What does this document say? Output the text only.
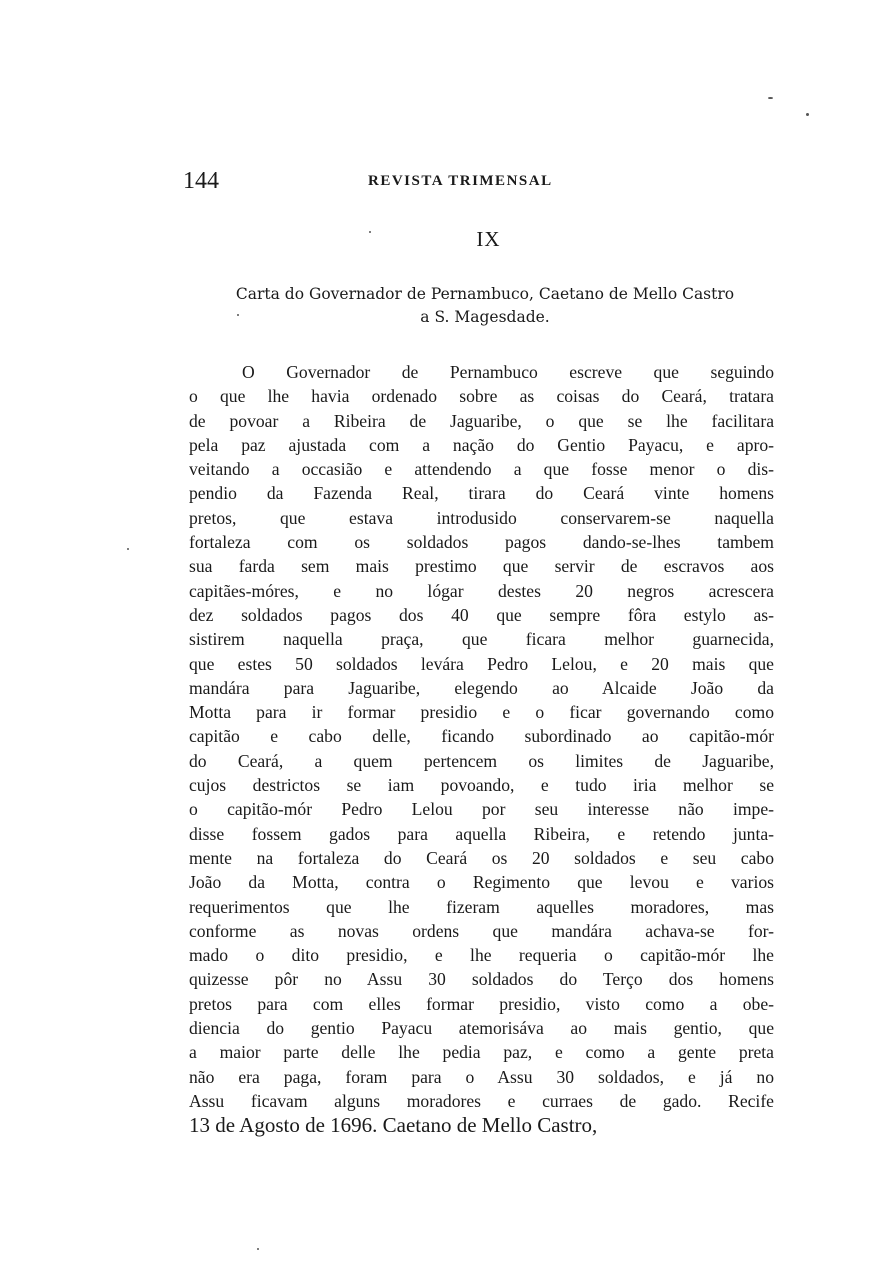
144	REVISTA TRIMENSAL
IX
Carta do Governador de Pernambuco, Caetano de Mello Castro
a S. Magesdade.
O Governador de Pernambuco escreve que seguindo
o que lhe havia ordenado sobre as coisas do Ceará, tratara
de povoar a Ribeira de Jaguaribe, o que se lhe facilitara
pela paz ajustada com a nação do Gentio Payacu, e apro-
veitando a occasião e attendendo a que fosse menor o dis-
pendio da Fazenda Real, tirara do Ceará vinte homens
pretos, que estava introdusido conservarem-se naquella
fortaleza com os soldados pagos dando-se-lhes tambem
sua farda sem mais prestimo que servir de escravos aos
capitães-móres, e no lógar destes 20 negros acrescera
dez soldados pagos dos 40 que sempre fôra estylo as-
sistirem naquella praça, que ficara melhor guarnecida,
que estes 50 soldados levára Pedro Lelou, e 20 mais que
mandára para Jaguaribe, elegendo ao Alcaide João da
Motta para ir formar presidio e o ficar governando como
capitão e cabo delle, ficando subordinado ao capitão-mór
do Ceará, a quem pertencem os limites de Jaguaribe,
cujos destrictos se iam povoando, e tudo iria melhor se
o capitão-mór Pedro Lelou por seu interesse não impe-
disse fossem gados para aquella Ribeira, e retendo junta-
mente na fortaleza do Ceará os 20 soldados e seu cabo
João da Motta, contra o Regimento que levou e varios
requerimentos que lhe fizeram aquelles moradores, mas
conforme as novas ordens que mandára achava-se for-
mado o dito presidio, e lhe requeria o capitão-mór lhe
quizesse pôr no Assu 30 soldados do Terço dos homens
pretos para com elles formar presidio, visto como a obe-
diencia do gentio Payacu atemorisáva ao mais gentio, que
a maior parte delle lhe pedia paz, e como a gente preta
não era paga, foram para o Assu 30 soldados, e já no
Assu ficavam alguns moradores e curraes de gado. Recife
13 de Agosto de 1696. Caetano de Mello Castro,
